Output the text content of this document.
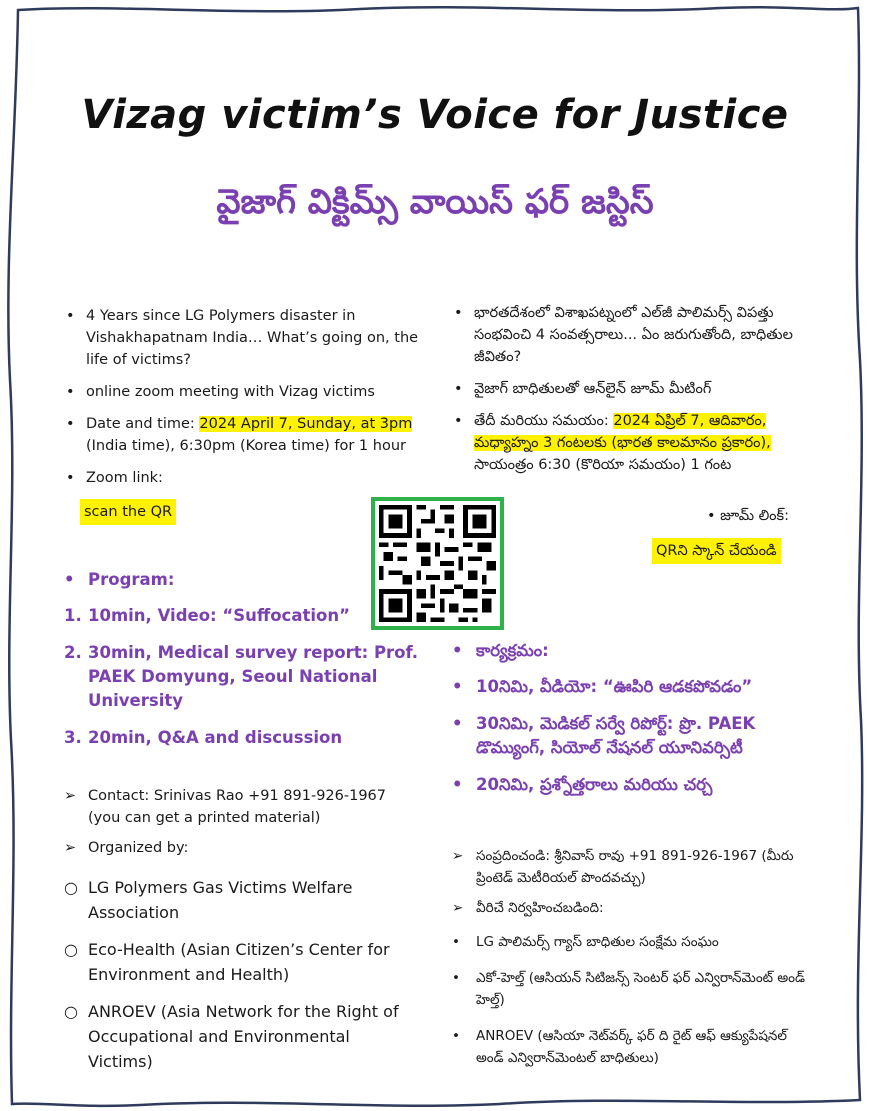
Vizag victim’s Voice for Justice
వైజాగ్ విక్టిమ్స్ వాయిస్ ఫర్ జస్టిస్
• 4 Years since LG Polymers disaster in Vishakhapatnam India… What’s going on, the life of victims?
• online zoom meeting with Vizag victims
• Date and time: 2024 April 7, Sunday, at 3pm (India time), 6:30pm (Korea time) for 1 hour
• Zoom link:
scan the QR
• Program:
1. 10min, Video: “Suffocation”
2. 30min, Medical survey report: Prof. PAEK Domyung, Seoul National University
3. 20min, Q&A and discussion
➢ Contact: Srinivas Rao +91 891-926-1967 (you can get a printed material)
➢ Organized by:
○ LG Polymers Gas Victims Welfare Association
○ Eco-Health (Asian Citizen’s Center for Environment and Health)
○ ANROEV (Asia Network for the Right of Occupational and Environmental Victims)
• భారతదేశంలో విశాఖపట్నంలో ఎల్‌జీ పాలిమర్స్ విపత్తు సంభవించి 4 సంవత్సరాలు... ఏం జరుగుతోంది, బాధితుల జీవితం?
• వైజాగ్ బాధితులతో ఆన్‌లైన్ జూమ్ మీటింగ్
• తేదీ మరియు సమయం: 2024 ఏప్రిల్ 7, ఆదివారం, మధ్యాహ్నం 3 గంటలకు (భారత కాలమానం ప్రకారం), సాయంత్రం 6:30 (కొరియా సమయం) 1 గంట
• జూమ్ లింక్:
QRని స్కాన్ చేయండి
• కార్యక్రమం:
• 10నిమి, వీడియో: “ఊపిరి ఆడకపోవడం”
• 30నిమి, మెడికల్ సర్వే రిపోర్ట్: ప్రొ. PAEK డొమ్యుంగ్, సియోల్ నేషనల్ యూనివర్సిటీ
• 20నిమి, ప్రశ్నోత్తరాలు మరియు చర్చ
➢ సంప్రదించండి: శ్రీనివాస్ రావు +91 891-926-1967 (మీరు ప్రింటెడ్ మెటీరియల్ పొందవచ్చు)
➢ వీరిచే నిర్వహించబడింది:
•	LG పాలిమర్స్ గ్యాస్ బాధితుల సంక్షేమ సంఘం
•	ఎకో-హెల్త్ (ఆసియన్ సిటిజన్స్ సెంటర్ ఫర్ ఎన్విరాన్‌మెంట్ అండ్ హెల్త్)
•	ANROEV (ఆసియా నెట్‌వర్క్ ఫర్ ది రైట్ ఆఫ్ ఆక్యుపేషనల్ అండ్ ఎన్విరాన్‌మెంటల్ బాధితులు)
